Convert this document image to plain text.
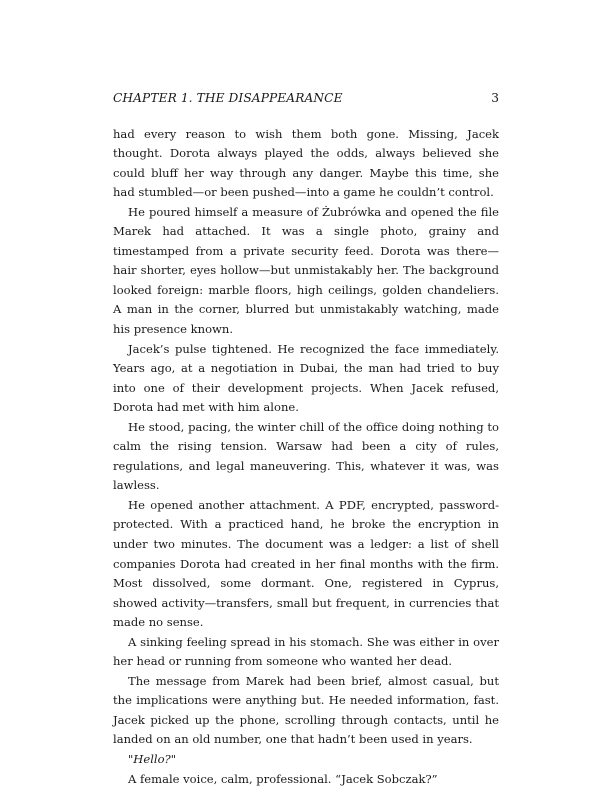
CHAPTER 1. THE DISAPPEARANCE	3

had every reason to wish them both gone. Missing, Jacek thought. Dorota always played the odds, always believed she could bluff her way through any danger. Maybe this time, she had stumbled—or been pushed—into a game he couldn’t control.

He poured himself a measure of Żubrówka and opened the file Marek had attached. It was a single photo, grainy and timestamped from a private security feed. Dorota was there—hair shorter, eyes hollow—but unmistakably her. The background looked foreign: marble floors, high ceilings, golden chandeliers. A man in the corner, blurred but unmistakably watching, made his presence known.

Jacek’s pulse tightened. He recognized the face immediately. Years ago, at a negotiation in Dubai, the man had tried to buy into one of their development projects. When Jacek refused, Dorota had met with him alone.

He stood, pacing, the winter chill of the office doing nothing to calm the rising tension. Warsaw had been a city of rules, regulations, and legal maneuvering. This, whatever it was, was lawless.

He opened another attachment. A PDF, encrypted, password-protected. With a practiced hand, he broke the encryption in under two minutes. The document was a ledger: a list of shell companies Dorota had created in her final months with the firm. Most dissolved, some dormant. One, registered in Cyprus, showed activity—transfers, small but frequent, in currencies that made no sense.

A sinking feeling spread in his stomach. She was either in over her head or running from someone who wanted her dead.

The message from Marek had been brief, almost casual, but the implications were anything but. He needed information, fast. Jacek picked up the phone, scrolling through contacts, until he landed on an old number, one that hadn’t been used in years.

"Hello?"

A female voice, calm, professional. “Jacek Sobczak?”
